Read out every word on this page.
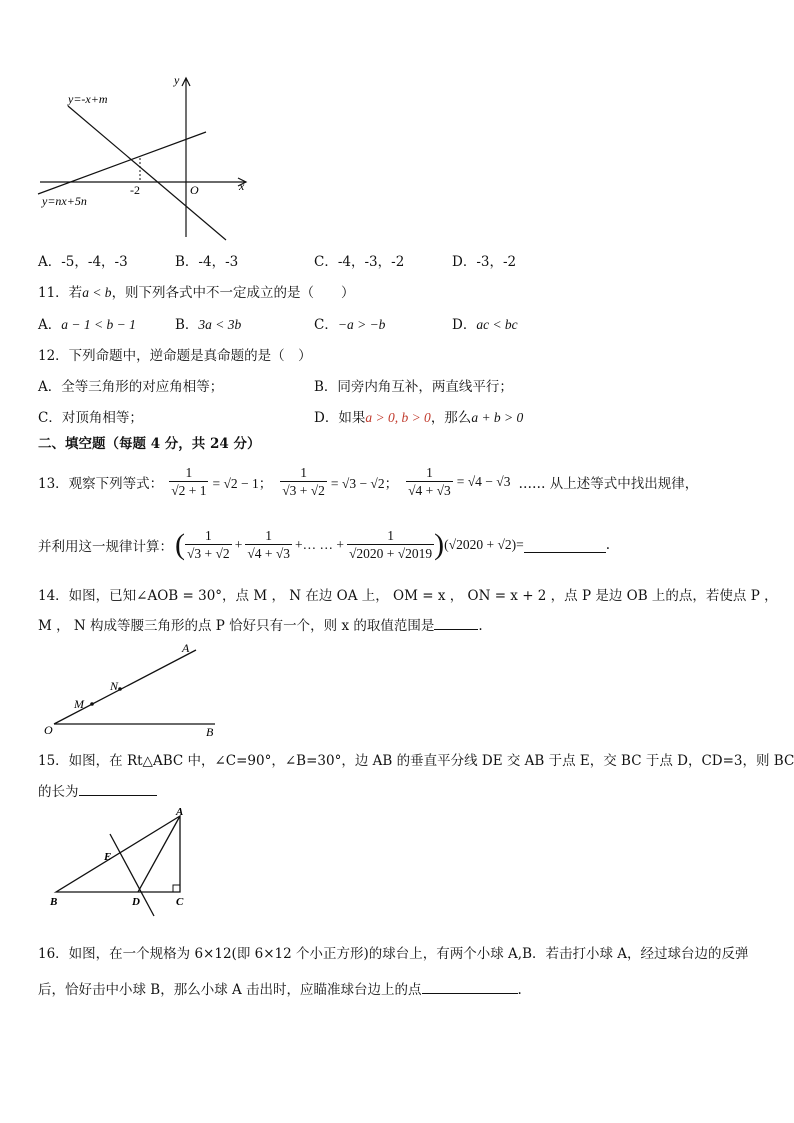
y=-x+m
y=nx+5n
x
y
O
-2
A．-5，-4，-3	B．-4，-3	C．-4，-3，-2	D．-3，-2
11．若a < b，则下列各式中不一定成立的是（　　）
A．a − 1 < b − 1	B．3a < 3b	C．−a > −b	D．ac < bc
12．下列命题中，逆命题是真命题的是（　）
A．全等三角形的对应角相等；	B．同旁内角互补，两直线平行；
C．对顶角相等；	D．如果a > 0, b > 0，那么a + b > 0
二、填空题（每题 4 分，共 24 分）
13．观察下列等式： $\frac{1}{√2 + 1} = √2 - 1$； $\frac{1}{√3 + √2} = √3 - √2$； $\frac{1}{√4 + √3} = √4 - √3$ …… 从上述等式中找出规律，
并利用这一规律计算： ( $\frac{1}{√3 + √2} + \frac{1}{√4 + √3}$ +… … + $\frac{1}{√2020 + √2019}$ ) (√2020 + √2) =	.
14．如图，已知∠AOB = 30°，点 M ， N 在边 OA 上， OM = x ， ON = x + 2 ，点 P 是边 OB 上的点，若使点 P ，
M ， N 构成等腰三角形的点 P 恰好只有一个，则 x 的取值范围是	.
A
B
O
M
N
15．如图，在 Rt△ABC 中，∠C=90°，∠B=30°，边 AB 的垂直平分线 DE 交 AB 于点 E，交 BC 于点 D，CD=3，则 BC
的长为
A
B	C
D
E
16．如图，在一个规格为 6×12(即 6×12 个小正方形)的球台上，有两个小球 A,B．若击打小球 A，经过球台边的反弹
后，恰好击中小球 B，那么小球 A 击出时，应瞄准球台边上的点	.
